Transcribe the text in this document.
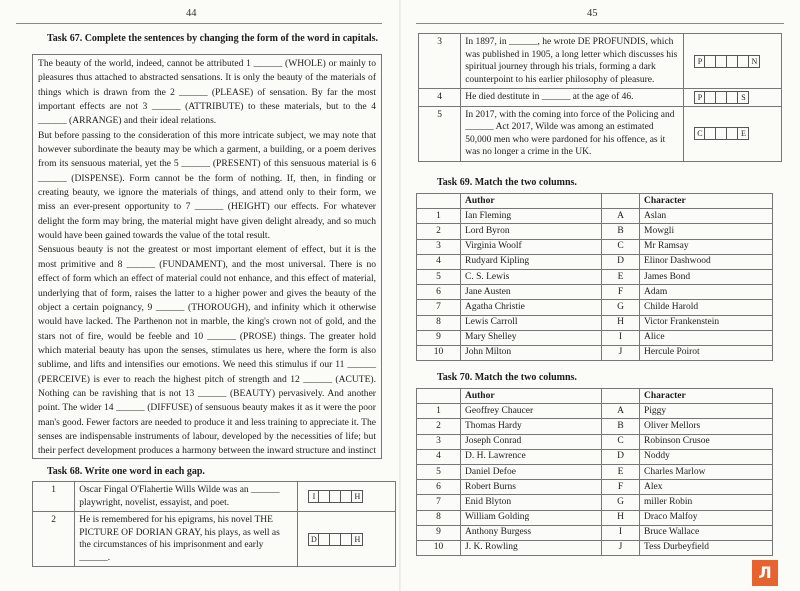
44
Task 67. Complete the sentences by changing the form of the word in capitals.

The beauty of the world, indeed, cannot be attributed 1 ______ (WHOLE) or mainly to pleasures thus attached to abstracted sensations. It is only the beauty of the materials of things which is drawn from the 2 ______ (PLEASE) of sensation. By far the most important effects are not 3 ______ (ATTRIBUTE) to these materials, but to the 4 ______ (ARRANGE) and their ideal relations.

But before passing to the consideration of this more intricate subject, we may note that however subordinate the beauty may be which a garment, a building, or a poem derives from its sensuous material, yet the 5 ______ (PRESENT) of this sensuous material is 6 ______ (DISPENSE). Form cannot be the form of nothing. If, then, in finding or creating beauty, we ignore the materials of things, and attend only to their form, we miss an ever-present opportunity to 7 ______ (HEIGHT) our effects. For whatever delight the form may bring, the material might have given delight already, and so much would have been gained towards the value of the total result.

Sensuous beauty is not the greatest or most important element of effect, but it is the most primitive and 8 ______ (FUNDAMENT), and the most universal. There is no effect of form which an effect of material could not enhance, and this effect of material, underlying that of form, raises the latter to a higher power and gives the beauty of the object a certain poignancy, 9 ______ (THOROUGH), and infinity which it otherwise would have lacked. The Parthenon not in marble, the king's crown not of gold, and the stars not of fire, would be feeble and 10 ______ (PROSE) things. The greater hold which material beauty has upon the senses, stimulates us here, where the form is also sublime, and lifts and intensifies our emotions. We need this stimulus if our 11 ______ (PERCEIVE) is ever to reach the highest pitch of strength and 12 ______ (ACUTE). Nothing can be ravishing that is not 13 ______ (BEAUTY) pervasively. And another point. The wider 14 ______ (DIFFUSE) of sensuous beauty makes it as it were the poor man's good. Fewer factors are needed to produce it and less training to appreciate it. The senses are indispensable instruments of labour, developed by the necessities of life; but their perfect development produces a harmony between the inward structure and instinct

Task 68. Write one word in each gap.
1	Oscar Fingal O'Flahertie Wills Wilde was an ______ playwright, novelist, essayist, and poet.	I H

2	He is remembered for his epigrams, his novel THE PICTURE OF DORIAN GRAY, his plays, as well as the circumstances of his imprisonment and early ______.	D H
45
3	In 1897, in ______, he wrote DE PROFUNDIS, which was published in 1905, a long letter which discusses his spiritual journey through his trials, forming a dark counterpoint to his earlier philosophy of pleasure.	P N

4	He died destitute in ______ at the age of 46.	P S

5	In 2017, with the coming into force of the Policing and ______ Act 2017, Wilde was among an estimated 50,000 men who were pardoned for his offence, as it was no longer a crime in the UK.	C E
Task 69. Match the two columns.
	Author		Character
1	Ian Fleming	A	Aslan
2	Lord Byron	B	Mowgli
3	Virginia Woolf	C	Mr Ramsay
4	Rudyard Kipling	D	Elinor Dashwood
5	C. S. Lewis	E	James Bond
6	Jane Austen	F	Adam
7	Agatha Christie	G	Childe Harold
8	Lewis Carroll	H	Victor Frankenstein
9	Mary Shelley	I	Alice
10	John Milton	J	Hercule Poirot
Task 70. Match the two columns.
	Author		Character
1	Geoffrey Chaucer	A	Piggy
2	Thomas Hardy	B	Oliver Mellors
3	Joseph Conrad	C	Robinson Crusoe
4	D. H. Lawrence	D	Noddy
5	Daniel Defoe	E	Charles Marlow
6	Robert Burns	F	Alex
7	Enid Blyton	G	miller Robin
8	William Golding	H	Draco Malfoy
9	Anthony Burgess	I	Bruce Wallace
10	J. K. Rowling	J	Tess Durbeyfield
Л
